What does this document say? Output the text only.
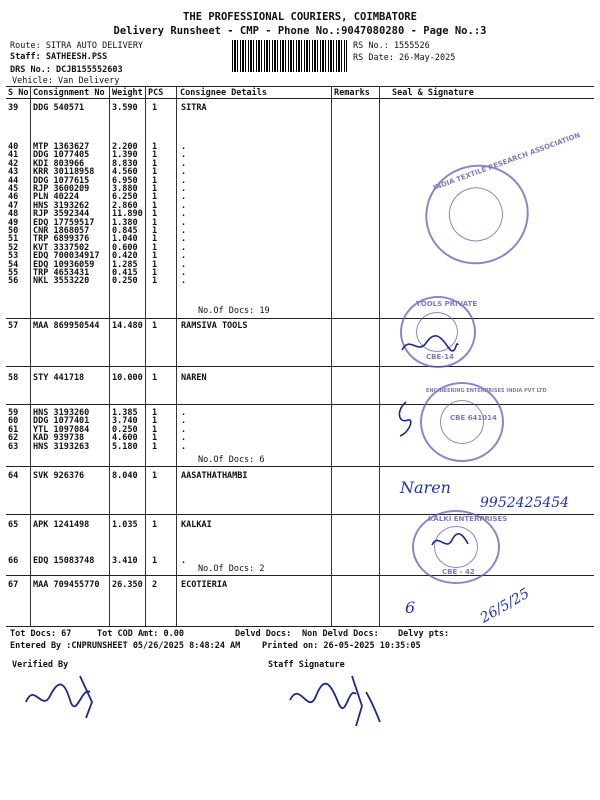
THE PROFESSIONAL COURIERS, COIMBATORE
Delivery Runsheet - CMP - Phone No.:9047080280 - Page No.:3
Route: SITRA AUTO DELIVERY
Staff: SATHEESH.PSS
DRS No.: DCJB155552603
Vehicle: Van Delivery
RS No.: 1555526
RS Date: 26-May-2025
S No Consignment No Weight PCS Consignee Details	Remarks	Seal & Signature
39 DDG 540571	3.590 1	SITRA
40 MTP 1363627	2.200 1	.
41 DDG 1077405	1.390 1	.
42 KDI 803966	8.830 1	.
43 KRR 30118958 4.560 1	.
44 DDG 1077615	6.950 1	.
45 RJP 3600209	3.880 1	.
46 PLN 40224	6.250 1	.
47 HNS 3193262	2.860 1	.
48 RJP 3592344	11.890 1	.
49 EDQ 17759517 1.380 1	.
50 CNR 1868057	0.845 1	.
51 TRP 6899376	1.040 1	.
52 KVT 3337502	0.600 1	.
53 EDQ 700034917 0.420 1	.
54 EDQ 10936059 1.285 1	.
55 TRP 4653431	0.415 1	.
56 NKL 3553220	0.250 1	.
No.Of Docs: 19
57 MAA 869950544 14.480 1	RAMSIVA TOOLS
58 STY 441718	10.000 1	NAREN
59 HNS 3193260	1.385 1	.
60 DDG 1077401	3.740 1	.
61 YTL 1097084	0.250 1	.
62 KAD 939738	4.600 1	.
63 HNS 3193263	5.180 1	.
No.Of Docs: 6
64 SVK 926376	8.040 1	AASATHATHAMBI
65 APK 1241498	1.035 1	KALKAI
66 EDQ 15083748 3.410 1	.
No.Of Docs: 2
67 MAA 709455770 26.350 2	ECOTIERIA
Tot Docs: 67	Tot COD Amt: 0.00	Delvd Docs: Non Delvd Docs: Delvy pts:
Entered By :CNPRUNSHEET 05/26/2025 8:48:24 AM	Printed on: 26-05-2025 10:35:05
Verified By	Staff Signature
INDIA TEXTILE RESEARCH ASSOCIATION
TOOLS PRIVATE
CBE-14
ENGINEERING ENTERPRISES INDIA PVT LTD
CBE 641014
KALKI ENTERPRISES
CBE - 42
Naren
9952425454
6	26/5/25
